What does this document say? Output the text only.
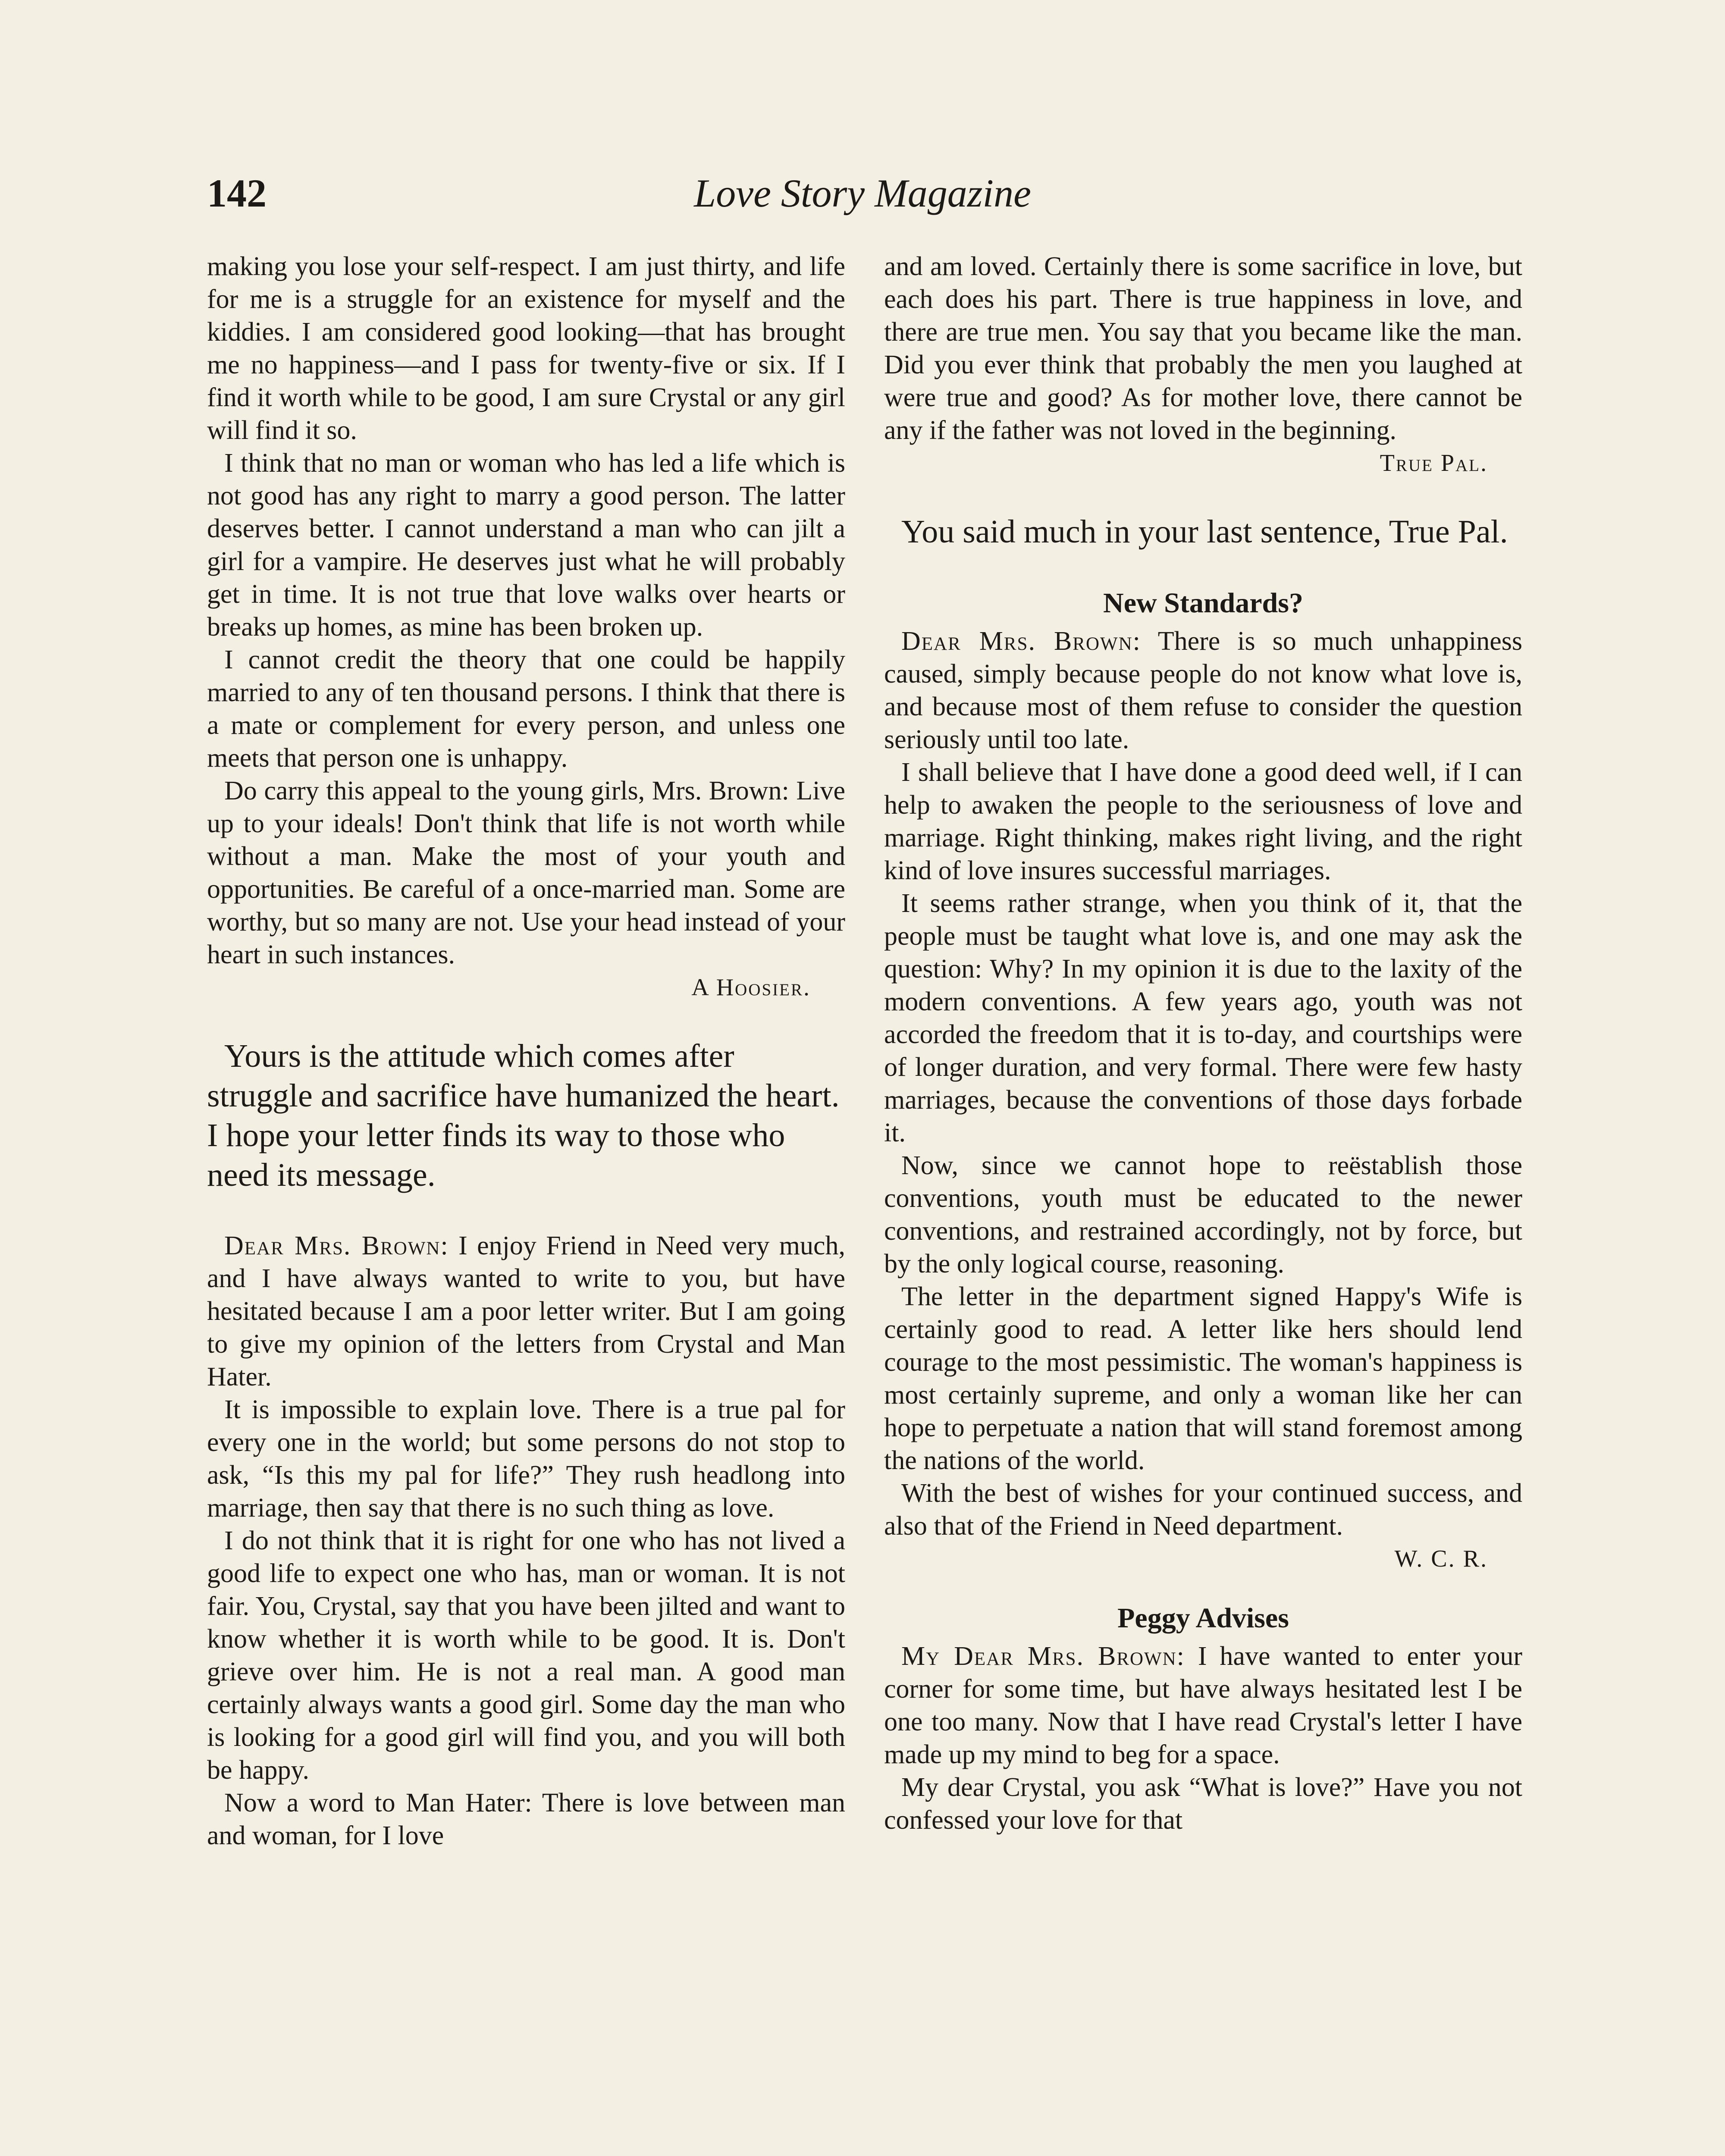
142	Love Story Magazine

making you lose your self-respect. I am just thirty, and life for me is a struggle for an existence for myself and the kiddies. I am considered good looking—that has brought me no happiness—and I pass for twenty-five or six. If I find it worth while to be good, I am sure Crystal or any girl will find it so.

I think that no man or woman who has led a life which is not good has any right to marry a good person. The latter deserves better. I cannot understand a man who can jilt a girl for a vampire. He deserves just what he will probably get in time. It is not true that love walks over hearts or breaks up homes, as mine has been broken up.

I cannot credit the theory that one could be happily married to any of ten thousand persons. I think that there is a mate or complement for every person, and unless one meets that person one is unhappy.

Do carry this appeal to the young girls, Mrs. Brown: Live up to your ideals! Don't think that life is not worth while without a man. Make the most of your youth and opportunities. Be careful of a once-married man. Some are worthy, but so many are not. Use your head instead of your heart in such instances.

A Hoosier.

Yours is the attitude which comes after struggle and sacrifice have humanized the heart. I hope your letter finds its way to those who need its message.

Dear Mrs. Brown: I enjoy Friend in Need very much, and I have always wanted to write to you, but have hesitated because I am a poor letter writer. But I am going to give my opinion of the letters from Crystal and Man Hater.

It is impossible to explain love. There is a true pal for every one in the world; but some persons do not stop to ask, “Is this my pal for life?” They rush headlong into marriage, then say that there is no such thing as love.

I do not think that it is right for one who has not lived a good life to expect one who has, man or woman. It is not fair. You, Crystal, say that you have been jilted and want to know whether it is worth while to be good. It is. Don't grieve over him. He is not a real man. A good man certainly always wants a good girl. Some day the man who is looking for a good girl will find you, and you will both be happy.

Now a word to Man Hater: There is love between man and woman, for I love

and am loved. Certainly there is some sacrifice in love, but each does his part. There is true happiness in love, and there are true men. You say that you became like the man. Did you ever think that probably the men you laughed at were true and good? As for mother love, there cannot be any if the father was not loved in the beginning.

True Pal.

You said much in your last sentence, True Pal.

New Standards?

Dear Mrs. Brown: There is so much unhappiness caused, simply because people do not know what love is, and because most of them refuse to consider the question seriously until too late.

I shall believe that I have done a good deed well, if I can help to awaken the people to the seriousness of love and marriage. Right thinking, makes right living, and the right kind of love insures successful marriages.

It seems rather strange, when you think of it, that the people must be taught what love is, and one may ask the question: Why? In my opinion it is due to the laxity of the modern conventions. A few years ago, youth was not accorded the freedom that it is to-day, and courtships were of longer duration, and very formal. There were few hasty marriages, because the conventions of those days forbade it.

Now, since we cannot hope to reëstablish those conventions, youth must be educated to the newer conventions, and restrained accordingly, not by force, but by the only logical course, reasoning.

The letter in the department signed Happy's Wife is certainly good to read. A letter like hers should lend courage to the most pessimistic. The woman's happiness is most certainly supreme, and only a woman like her can hope to perpetuate a nation that will stand foremost among the nations of the world.

With the best of wishes for your continued success, and also that of the Friend in Need department.

W. C. R.

Peggy Advises

My Dear Mrs. Brown: I have wanted to enter your corner for some time, but have always hesitated lest I be one too many. Now that I have read Crystal's letter I have made up my mind to beg for a space.

My dear Crystal, you ask “What is love?” Have you not confessed your love for that
